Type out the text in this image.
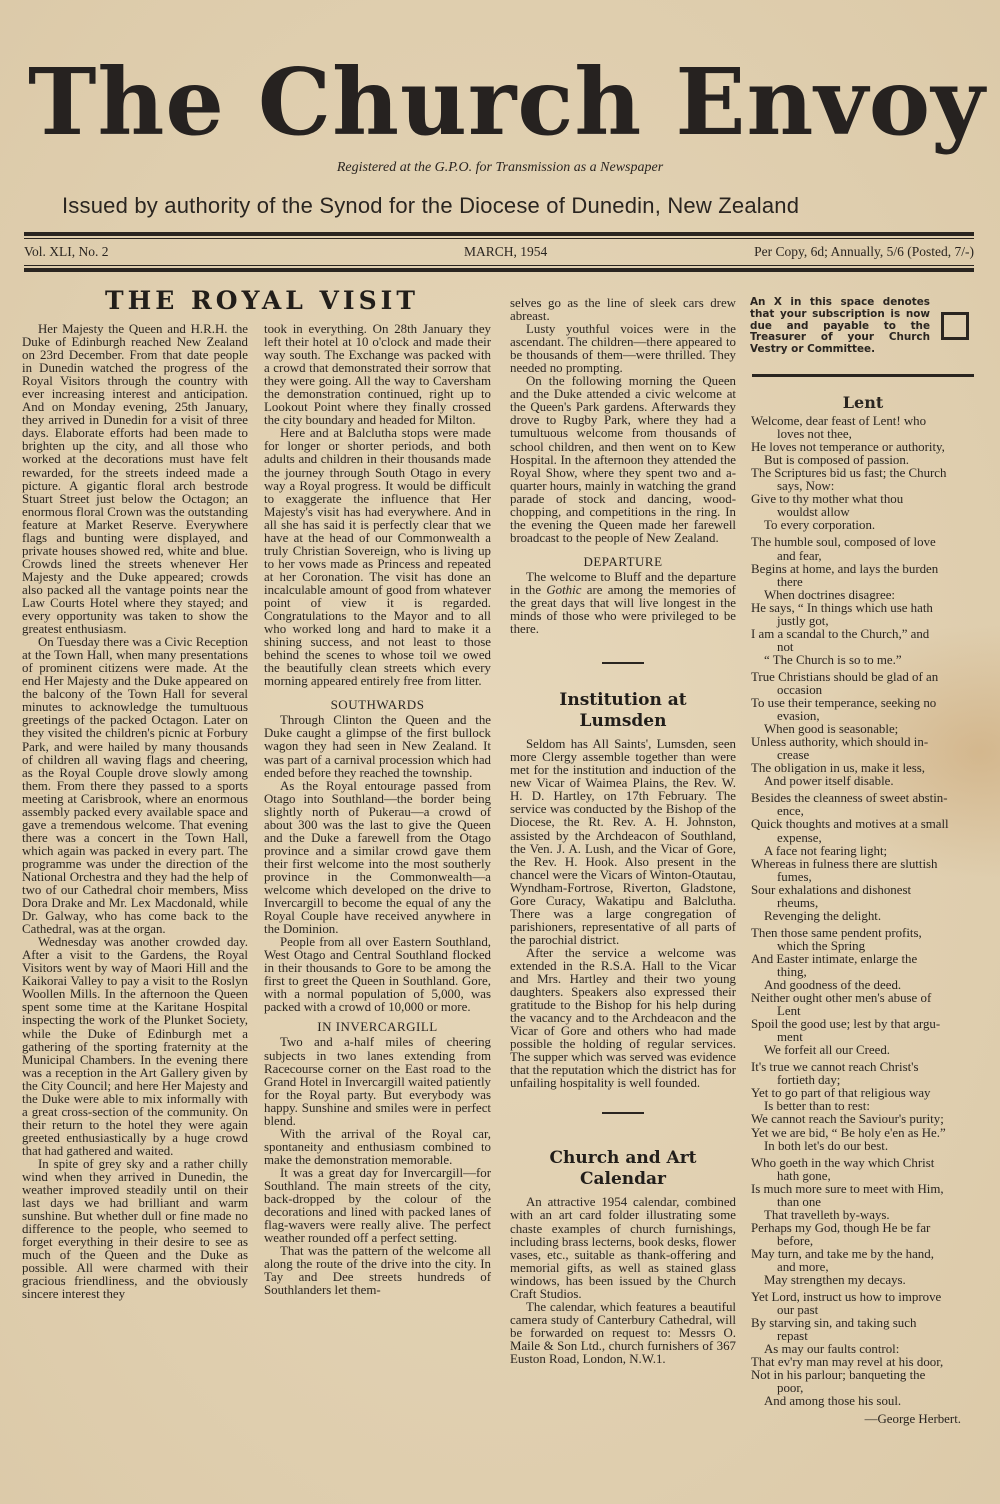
The Church Envoy
Registered at the G.P.O. for Transmission as a Newspaper
Issued by authority of the Synod for the Diocese of Dunedin, New Zealand
Vol. XLI, No. 2	MARCH, 1954	Per Copy, 6d; Annually, 5/6 (Posted, 7/-)
THE ROYAL VISIT

Her Majesty the Queen and H.R.H. the Duke of Edinburgh reached New Zealand on 23rd December. From that date people in Dunedin watched the progress of the Royal Visitors through the country with ever increasing interest and anticipation. And on Monday evening, 25th January, they arrived in Dunedin for a visit of three days. Elaborate efforts had been made to brighten up the city, and all those who worked at the decorations must have felt rewarded, for the streets indeed made a picture. A gigantic floral arch bestrode Stuart Street just below the Octagon; an enormous floral Crown was the outstanding feature at Market Reserve. Everywhere flags and bunting were displayed, and private houses showed red, white and blue. Crowds lined the streets whenever Her Majesty and the Duke appeared; crowds also packed all the vantage points near the Law Courts Hotel where they stayed; and every opportunity was taken to show the greatest enthusiasm.

On Tuesday there was a Civic Reception at the Town Hall, when many presentations of prominent citizens were made. At the end Her Majesty and the Duke appeared on the balcony of the Town Hall for several minutes to acknowledge the tumultuous greetings of the packed Octagon. Later on they visited the children's picnic at Forbury Park, and were hailed by many thousands of children all waving flags and cheering, as the Royal Couple drove slowly among them. From there they passed to a sports meeting at Carisbrook, where an enormous assembly packed every available space and gave a tremendous welcome. That evening there was a concert in the Town Hall, which again was packed in every part. The programme was under the direction of the National Orchestra and they had the help of two of our Cathedral choir members, Miss Dora Drake and Mr. Lex Macdonald, while Dr. Galway, who has come back to the Cathedral, was at the organ.

Wednesday was another crowded day. After a visit to the Gardens, the Royal Visitors went by way of Maori Hill and the Kaikorai Valley to pay a visit to the Roslyn Woollen Mills. In the afternoon the Queen spent some time at the Karitane Hospital inspecting the work of the Plunket Society, while the Duke of Edinburgh met a gathering of the sporting fraternity at the Municipal Chambers. In the evening there was a reception in the Art Gallery given by the City Council; and here Her Majesty and the Duke were able to mix informally with a great cross-section of the community. On their return to the hotel they were again greeted enthusiastically by a huge crowd that had gathered and waited.

In spite of grey sky and a rather chilly wind when they arrived in Dunedin, the weather improved steadily until on their last days we had brilliant and warm sunshine. But whether dull or fine made no difference to the people, who seemed to forget everything in their desire to see as much of the Queen and the Duke as possible. All were charmed with their gracious friendliness, and the obviously sincere interest they

took in everything. On 28th January they left their hotel at 10 o'clock and made their way south. The Exchange was packed with a crowd that demonstrated their sorrow that they were going. All the way to Caversham the demonstration continued, right up to Lookout Point where they finally crossed the city boundary and headed for Milton.

Here and at Balclutha stops were made for longer or shorter periods, and both adults and children in their thousands made the journey through South Otago in every way a Royal progress. It would be difficult to exaggerate the influence that Her Majesty's visit has had everywhere. And in all she has said it is perfectly clear that we have at the head of our Commonwealth a truly Christian Sovereign, who is living up to her vows made as Princess and repeated at her Coronation. The visit has done an incalculable amount of good from whatever point of view it is regarded. Congratulations to the Mayor and to all who worked long and hard to make it a shining success, and not least to those behind the scenes to whose toil we owed the beautifully clean streets which every morning appeared entirely free from litter.

SOUTHWARDS

Through Clinton the Queen and the Duke caught a glimpse of the first bullock wagon they had seen in New Zealand. It was part of a carnival procession which had ended before they reached the township.

As the Royal entourage passed from Otago into Southland—the border being slightly north of Pukerau—a crowd of about 300 was the last to give the Queen and the Duke a farewell from the Otago province and a similar crowd gave them their first welcome into the most southerly province in the Commonwealth—a welcome which developed on the drive to Invercargill to become the equal of any the Royal Couple have received anywhere in the Dominion.

People from all over Eastern Southland, West Otago and Central Southland flocked in their thousands to Gore to be among the first to greet the Queen in Southland. Gore, with a normal population of 5,000, was packed with a crowd of 10,000 or more.

IN INVERCARGILL

Two and a-half miles of cheering subjects in two lanes extending from Racecourse corner on the East road to the Grand Hotel in Invercargill waited patiently for the Royal party. But everybody was happy. Sunshine and smiles were in perfect blend.

With the arrival of the Royal car, spontaneity and enthusiasm combined to make the demonstration memorable.

It was a great day for Invercargill—for Southland. The main streets of the city, back-dropped by the colour of the decorations and lined with packed lanes of flag-wavers were really alive. The perfect weather rounded off a perfect setting.

That was the pattern of the welcome all along the route of the drive into the city. In Tay and Dee streets hundreds of Southlanders let them-

selves go as the line of sleek cars drew abreast.

Lusty youthful voices were in the ascendant. The children—there appeared to be thousands of them—were thrilled. They needed no prompting.

On the following morning the Queen and the Duke attended a civic welcome at the Queen's Park gardens. Afterwards they drove to Rugby Park, where they had a tumultuous welcome from thousands of school children, and then went on to Kew Hospital. In the afternoon they attended the Royal Show, where they spent two and a-quarter hours, mainly in watching the grand parade of stock and dancing, wood-chopping, and competitions in the ring. In the evening the Queen made her farewell broadcast to the people of New Zealand.

DEPARTURE

The welcome to Bluff and the departure in the Gothic are among the memories of the great days that will live longest in the minds of those who were privileged to be there.

Institution at
Lumsden

Seldom has All Saints', Lumsden, seen more Clergy assemble together than were met for the institution and induction of the new Vicar of Waimea Plains, the Rev. W. H. D. Hartley, on 17th February. The service was conducted by the Bishop of the Diocese, the Rt. Rev. A. H. Johnston, assisted by the Archdeacon of Southland, the Ven. J. A. Lush, and the Vicar of Gore, the Rev. H. Hook. Also present in the chancel were the Vicars of Winton-Otautau, Wyndham-Fortrose, Riverton, Gladstone, Gore Curacy, Wakatipu and Balclutha. There was a large congregation of parishioners, representative of all parts of the parochial district.

After the service a welcome was extended in the R.S.A. Hall to the Vicar and Mrs. Hartley and their two young daughters. Speakers also expressed their gratitude to the Bishop for his help during the vacancy and to the Archdeacon and the Vicar of Gore and others who had made possible the holding of regular services. The supper which was served was evidence that the reputation which the district has for unfailing hospitality is well founded.

Church and Art
Calendar

An attractive 1954 calendar, combined with an art card folder illustrating some chaste examples of church furnishings, including brass lecterns, book desks, flower vases, etc., suitable as thank-offering and memorial gifts, as well as stained glass windows, has been issued by the Church Craft Studios.

The calendar, which features a beautiful camera study of Canterbury Cathedral, will be forwarded on request to: Messrs O. Maile & Son Ltd., church furnishers of 367 Euston Road, London, N.W.1.

An X in this space denotes that your subscription is now due and payable to the Treasurer of your Church Vestry or Committee.
Lent
Welcome, dear feast of Lent! who
loves not thee,
He loves not temperance or authority,
But is composed of passion.
The Scriptures bid us fast; the Church
says, Now:
Give to thy mother what thou
wouldst allow
To every corporation.
The humble soul, composed of love
and fear,
Begins at home, and lays the burden
there
When doctrines disagree:
He says, “ In things which use hath
justly got,
I am a scandal to the Church,” and
not
“ The Church is so to me.”
True Christians should be glad of an
occasion
To use their temperance, seeking no
evasion,
When good is seasonable;
Unless authority, which should in-
crease
The obligation in us, make it less,
And power itself disable.
Besides the cleanness of sweet abstin-
ence,
Quick thoughts and motives at a small
expense,
A face not fearing light;
Whereas in fulness there are sluttish
fumes,
Sour exhalations and dishonest
rheums,
Revenging the delight.
Then those same pendent profits,
which the Spring
And Easter intimate, enlarge the
thing,
And goodness of the deed.
Neither ought other men's abuse of
Lent
Spoil the good use; lest by that argu-
ment
We forfeit all our Creed.
It's true we cannot reach Christ's
fortieth day;
Yet to go part of that religious way
Is better than to rest:
We cannot reach the Saviour's purity;
Yet we are bid, “ Be holy e'en as He.”
In both let's do our best.
Who goeth in the way which Christ
hath gone,
Is much more sure to meet with Him,
than one
That travelleth by-ways.
Perhaps my God, though He be far
before,
May turn, and take me by the hand,
and more,
May strengthen my decays.
Yet Lord, instruct us how to improve
our past
By starving sin, and taking such
repast
As may our faults control:
That ev'ry man may revel at his door,
Not in his parlour; banqueting the
poor,
And among those his soul.
—George Herbert.
